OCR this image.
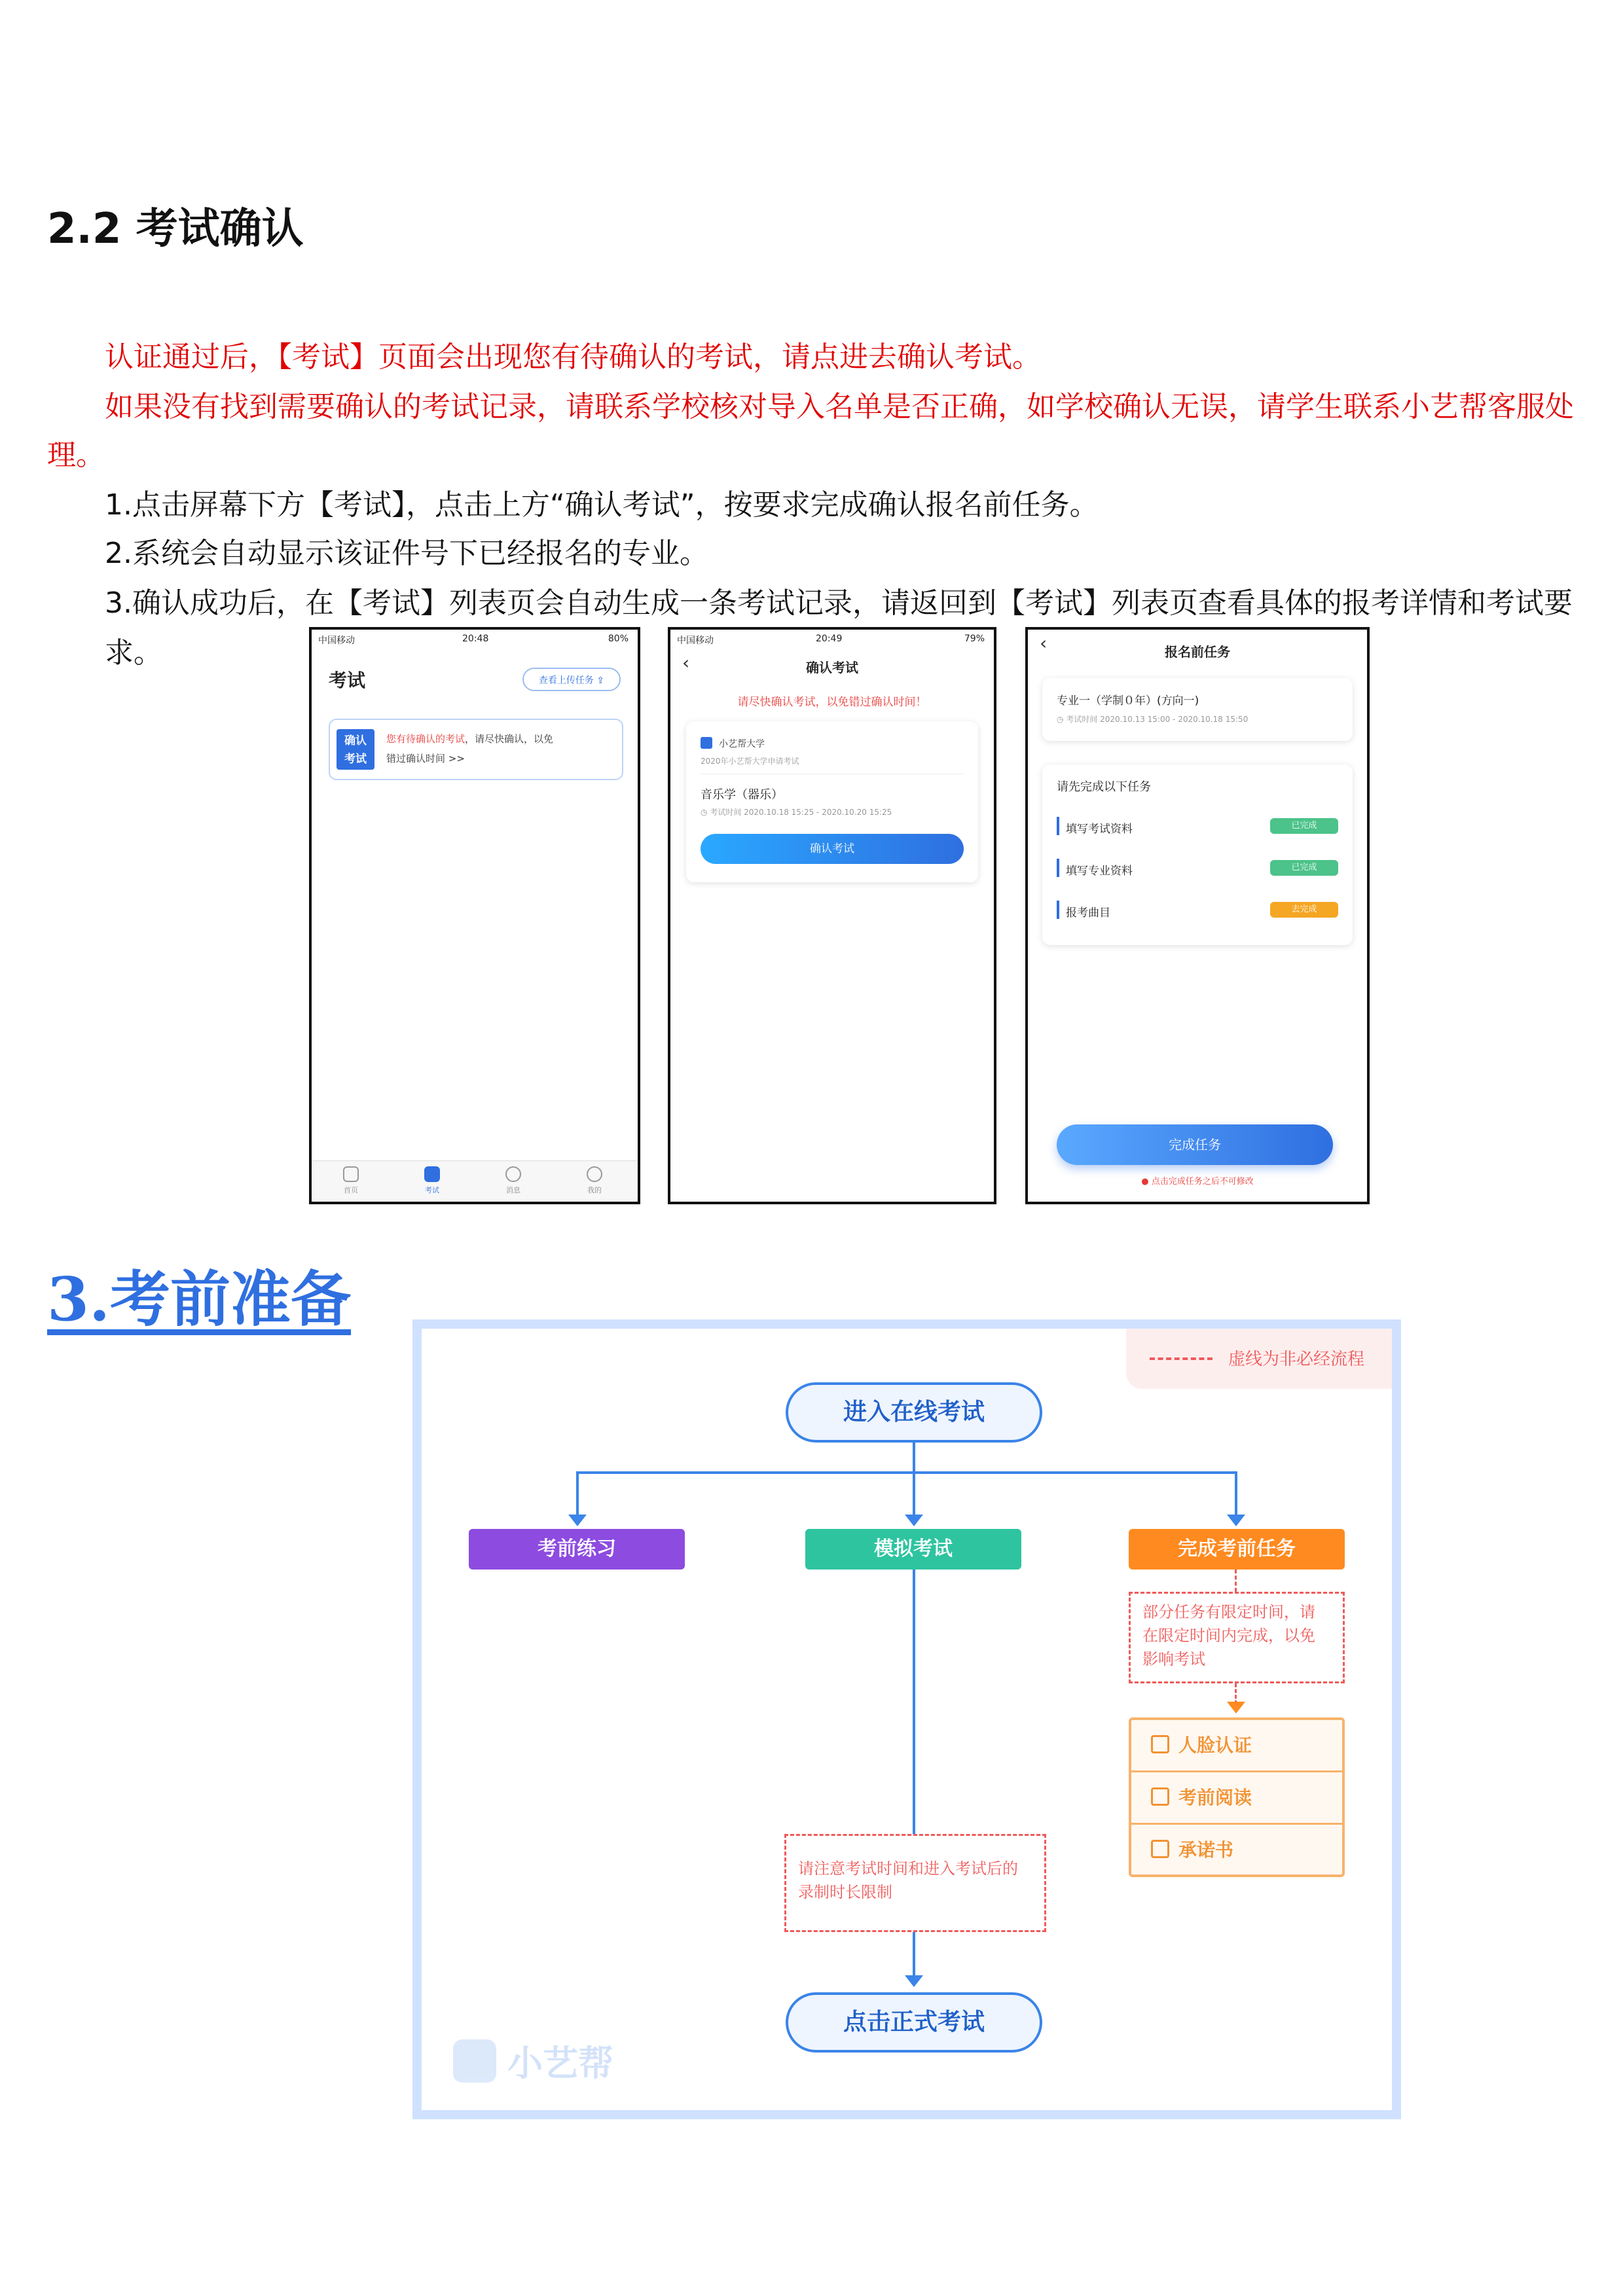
2.2 考试确认
认证通过后，【考试】页面会出现您有待确认的考试，请点进去确认考试。
如果没有找到需要确认的考试记录，请联系学校核对导入名单是否正确，如学校确认无误，请学生联系小艺帮客服处
理。
1.点击屏幕下方【考试】，点击上方“确认考试”，按要求完成确认报名前任务。
2.系统会自动显示该证件号下已经报名的专业。
3.确认成功后，在【考试】列表页会自动生成一条考试记录，请返回到【考试】列表页查看具体的报考详情和考试要求。	中国移动	20:48	80%
考试	查看上传任务 ⇪
确认
考试
您有待确认的考试，请尽快确认，以免
错过确认时间 >>
首页	考试	消息	我的
中国移动	20:49	79%
‹	确认考试
请尽快确认考试，以免错过确认时间！
小艺帮大学
2020年小艺帮大学申请考试
音乐学（器乐）
◷ 考试时间 2020.10.18 15:25 - 2020.10.20 15:25
确认考试
‹	报名前任务
专业一（学制０年）(方向一)
◷ 考试时间 2020.10.13 15:00 - 2020.10.18 15:50
请先完成以下任务
填写考试资料	已完成
填写专业资料	已完成
报考曲目	去完成
完成任务
● 点击完成任务之后不可修改
3.考前准备
虚线为非必经流程
进入在线考试
考前练习	模拟考试	完成考前任务
部分任务有限定时间，请
在限定时间内完成，以免
影响考试
人脸认证
考前阅读
承诺书
请注意考试时间和进入考试后的
录制时长限制
点击正式考试
小艺帮
